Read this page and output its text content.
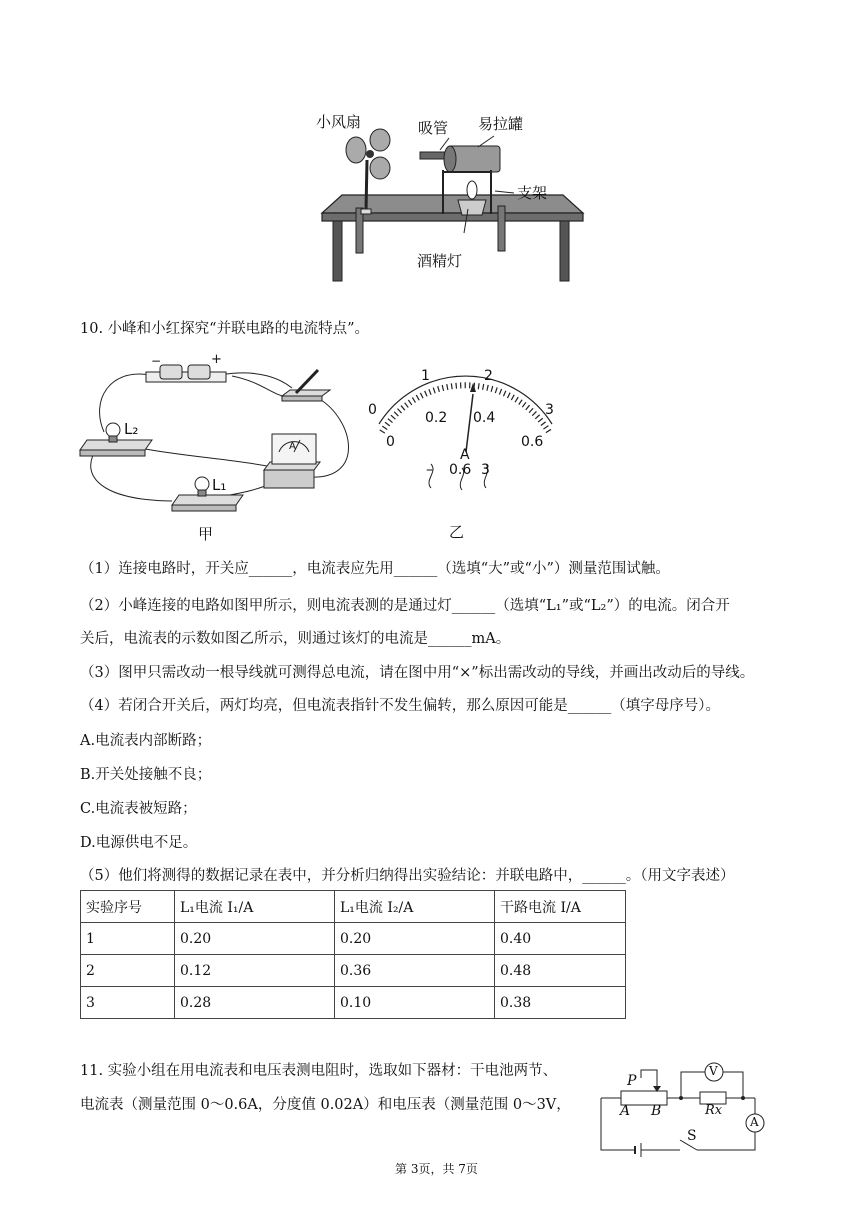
小风扇	吸管 易拉罐
支架
酒精灯
10. 小峰和小红探究“并联电路的电流特点”。
−	+
L₂
L₁
A
甲
0
1	2
3
0
0.2 0.4
0.6
A
– 0.6 3
乙
（1）连接电路时，开关应______，电流表应先用______（选填“大”或“小”）测量范围试触。
（2）小峰连接的电路如图甲所示，则电流表测的是通过灯______（选填“L₁”或“L₂”）的电流。闭合开
关后，电流表的示数如图乙所示，则通过该灯的电流是______mA。
（3）图甲只需改动一根导线就可测得总电流，请在图中用“×”标出需改动的导线，并画出改动后的导线。
（4）若闭合开关后，两灯均亮，但电流表指针不发生偏转，那么原因可能是______（填字母序号）。
A.电流表内部断路；
B.开关处接触不良；
C.电流表被短路；
D.电源供电不足。
（5）他们将测得的数据记录在表中，并分析归纳得出实验结论：并联电路中，______。（用文字表述）
实验序号	L₁电流 I₁/A	L₁电流 I₂/A	干路电流 I/A
1	0.20	0.20	0.40
2	0.12	0.36	0.48
3	0.28	0.10	0.38
11. 实验小组在用电流表和电压表测电阻时，选取如下器材：干电池两节、
电流表（测量范围 0～0.6A，分度值 0.02A）和电压表（测量范围 0～3V，
P
A B
V
Rx
A
S
第 3页，共 7页
